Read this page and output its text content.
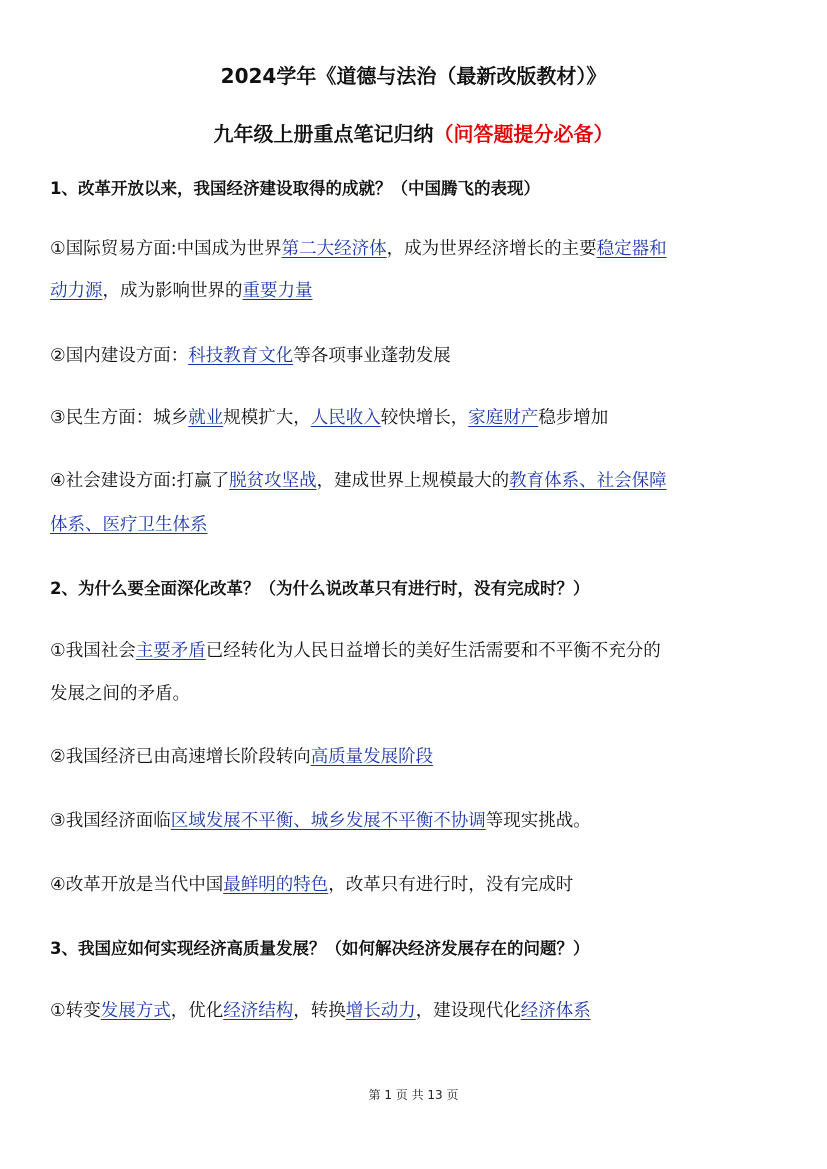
2024学年《道德与法治（最新改版教材）》
九年级上册重点笔记归纳（问答题提分必备）
1、改革开放以来，我国经济建设取得的成就？（中国腾飞的表现）
①国际贸易方面:中国成为世界第二大经济体，成为世界经济增长的主要稳定器和
动力源，成为影响世界的重要力量
②国内建设方面：科技教育文化等各项事业蓬勃发展
③民生方面：城乡就业规模扩大，人民收入较快增长，家庭财产稳步增加
④社会建设方面:打赢了脱贫攻坚战，建成世界上规模最大的教育体系、社会保障
体系、医疗卫生体系
2、为什么要全面深化改革？（为什么说改革只有进行时，没有完成时？）
①我国社会主要矛盾已经转化为人民日益增长的美好生活需要和不平衡不充分的
发展之间的矛盾。
②我国经济已由高速增长阶段转向高质量发展阶段
③我国经济面临区域发展不平衡、城乡发展不平衡不协调等现实挑战。
④改革开放是当代中国最鲜明的特色，改革只有进行时，没有完成时
3、我国应如何实现经济高质量发展？（如何解决经济发展存在的问题？）
①转变发展方式，优化经济结构，转换增长动力，建设现代化经济体系
第 1 页 共 13 页
